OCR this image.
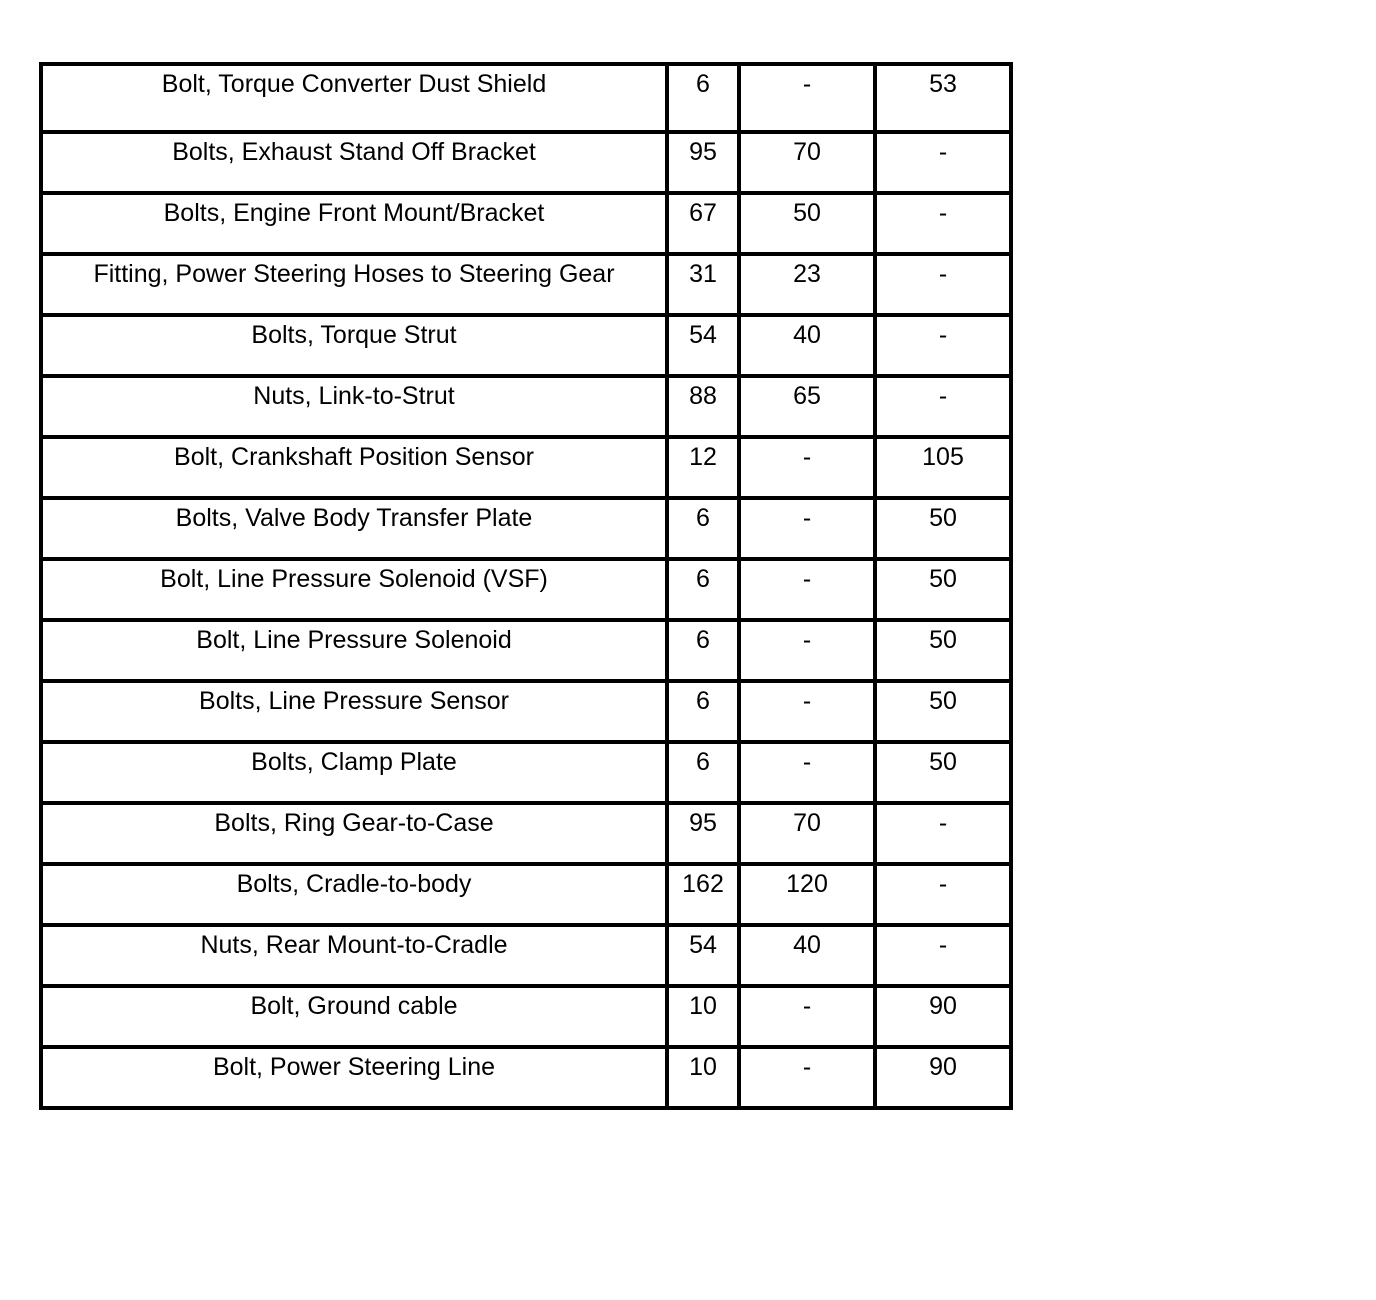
Bolt, Torque Converter Dust Shield	6	-	53
Bolts, Exhaust Stand Off Bracket	95	70	-
Bolts, Engine Front Mount/Bracket	67	50	-
Fitting, Power Steering Hoses to Steering Gear	31	23	-
Bolts, Torque Strut	54	40	-
Nuts, Link-to-Strut	88	65	-
Bolt, Crankshaft Position Sensor	12	-	105
Bolts, Valve Body Transfer Plate	6	-	50
Bolt, Line Pressure Solenoid (VSF)	6	-	50
Bolt, Line Pressure Solenoid	6	-	50
Bolts, Line Pressure Sensor	6	-	50
Bolts, Clamp Plate	6	-	50
Bolts, Ring Gear-to-Case	95	70	-
Bolts, Cradle-to-body	162	120	-
Nuts, Rear Mount-to-Cradle	54	40	-
Bolt, Ground cable	10	-	90
Bolt, Power Steering Line	10	-	90
